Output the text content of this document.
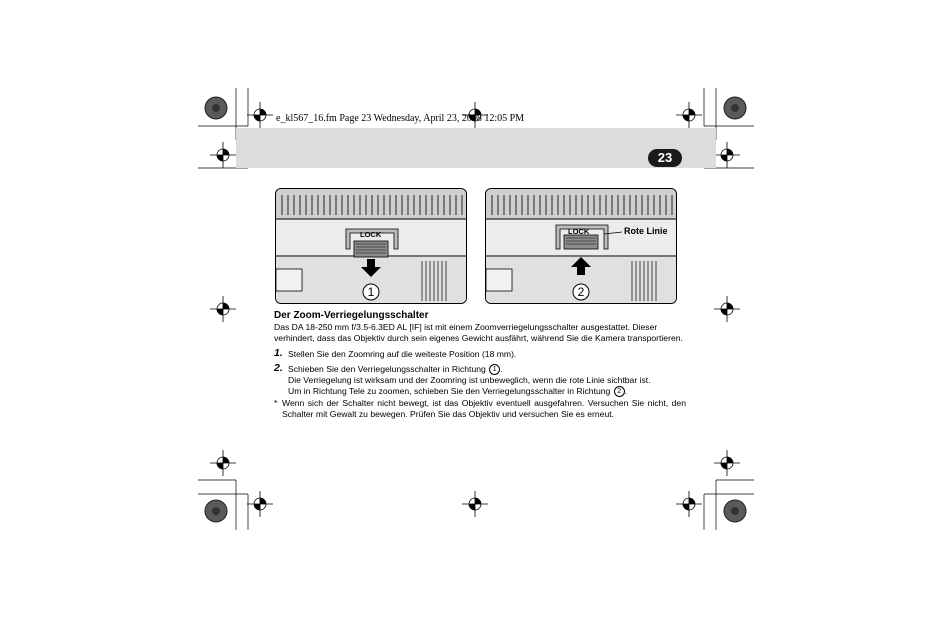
e_kl567_16.fm Page 23 Wednesday, April 23, 2008 12:05 PM
23
LOCK
1
LOCK	Rote Linie
2
Der Zoom-Verriegelungsschalter
Das DA 18-250 mm f/3.5-6.3ED AL [IF] ist mit einem Zoomverriegelungsschalter ausgestattet. Dieser verhindert, dass das Objektiv durch sein eigenes Gewicht ausfährt, während Sie die Kamera transportieren.
1. Stellen Sie den Zoomring auf die weiteste Position (18 mm).
2. Schieben Sie den Verriegelungsschalter in Richtung 1 .
Die Verriegelung ist wirksam und der Zoomring ist unbeweglich, wenn die rote Linie sichtbar ist.
Um in Richtung Tele zu zoomen, schieben Sie den Verriegelungsschalter in Richtung 2 .
* Wenn sich der Schalter nicht bewegt, ist das Objektiv eventuell ausgefahren. Versuchen Sie nicht, den Schalter mit Gewalt zu bewegen. Prüfen Sie das Objektiv und versuchen Sie es erneut.
